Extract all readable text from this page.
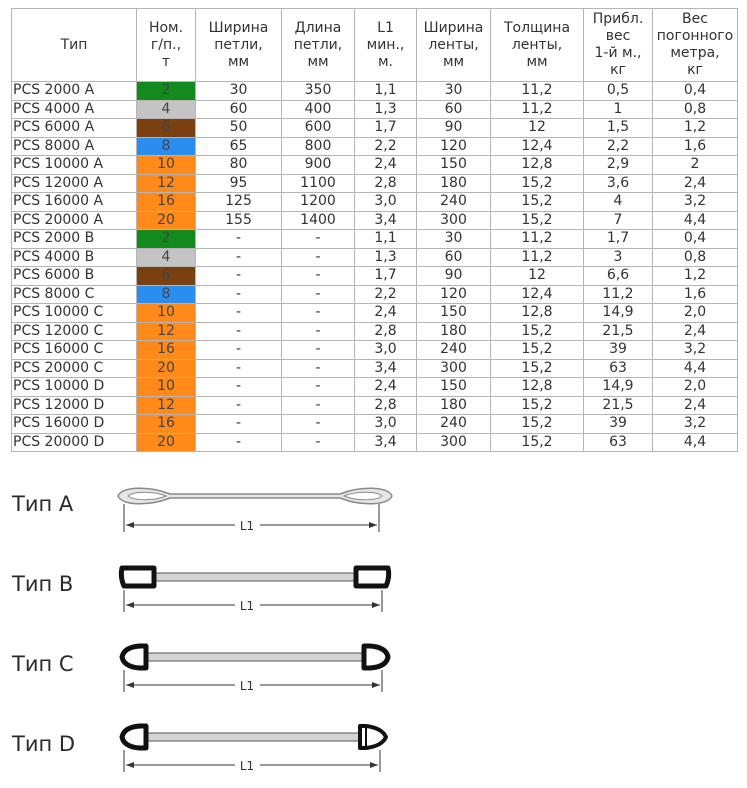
Тип	Ном.
г/п.,
т	Ширина
петли,
мм	Длина
петли,
мм	L1
мин.,
м.	Ширина
ленты,
мм	Толщина
ленты,
мм	Прибл.
вес
1-й м.,
кг	Вес
погонного
метра,
кг
PCS 2000 A	2	30	350	1,1	30	11,2	0,5	0,4
PCS 4000 A	4	60	400	1,3	60	11,2	1	0,8
PCS 6000 A	6	50	600	1,7	90	12	1,5	1,2
PCS 8000 A	8	65	800	2,2	120	12,4	2,2	1,6
PCS 10000 A	10	80	900	2,4	150	12,8	2,9	2
PCS 12000 A	12	95	1100	2,8	180	15,2	3,6	2,4
PCS 16000 A	16	125	1200	3,0	240	15,2	4	3,2
PCS 20000 A	20	155	1400	3,4	300	15,2	7	4,4
PCS 2000 B	2	-	-	1,1	30	11,2	1,7	0,4
PCS 4000 B	4	-	-	1,3	60	11,2	3	0,8
PCS 6000 B	6	-	-	1,7	90	12	6,6	1,2
PCS 8000 C	8	-	-	2,2	120	12,4	11,2	1,6
PCS 10000 C	10	-	-	2,4	150	12,8	14,9	2,0
PCS 12000 C	12	-	-	2,8	180	15,2	21,5	2,4
PCS 16000 C	16	-	-	3,0	240	15,2	39	3,2
PCS 20000 C	20	-	-	3,4	300	15,2	63	4,4
PCS 10000 D	10	-	-	2,4	150	12,8	14,9	2,0
PCS 12000 D	12	-	-	2,8	180	15,2	21,5	2,4
PCS 16000 D	16	-	-	3,0	240	15,2	39	3,2
PCS 20000 D	20	-	-	3,4	300	15,2	63	4,4
Тип A
Тип B
Тип C
Тип D
L1
L1
L1
L1
